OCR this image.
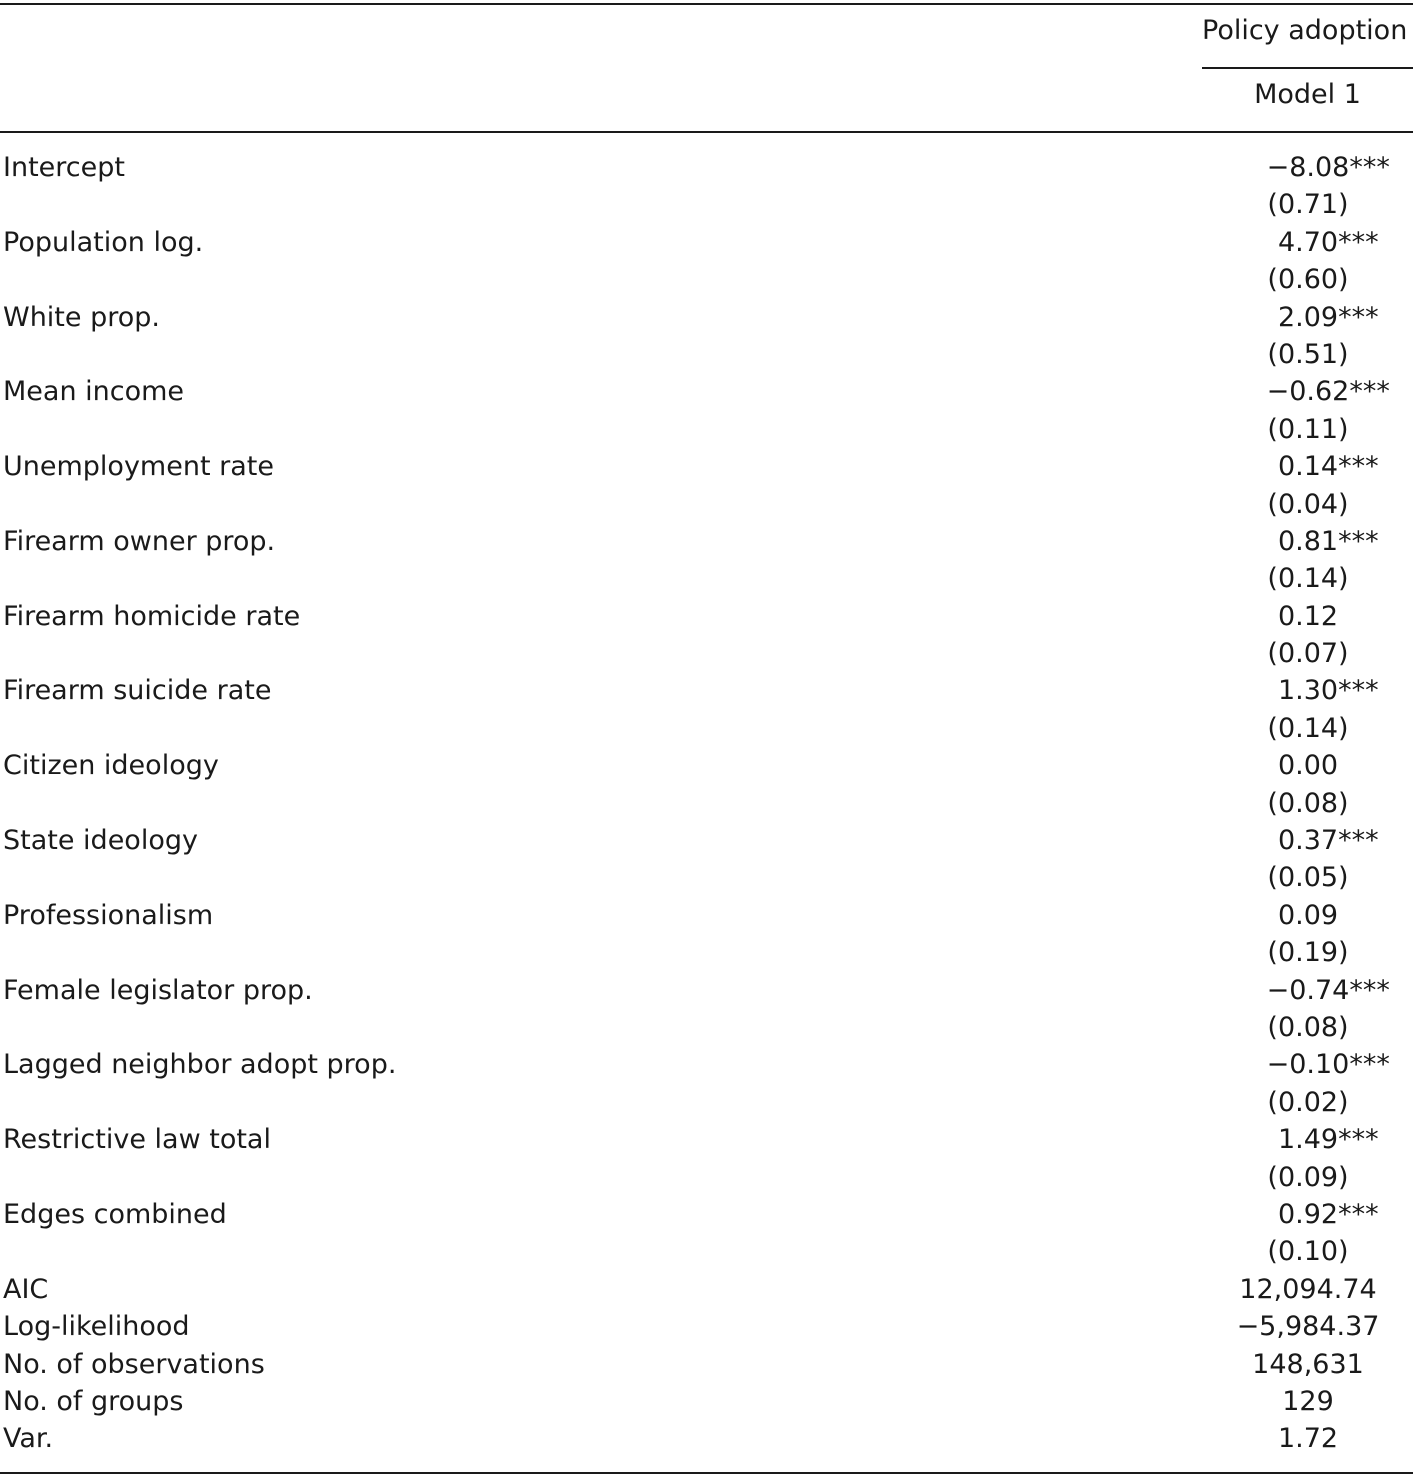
Policy adoption
Model 1
Intercept	−8.08***
(0.71)
Population log.	4.70***
(0.60)
White prop.	2.09***
(0.51)
Mean income	−0.62***
(0.11)
Unemployment rate	0.14***
(0.04)
Firearm owner prop.	0.81***
(0.14)
Firearm homicide rate	0.12
(0.07)
Firearm suicide rate	1.30***
(0.14)
Citizen ideology	0.00
(0.08)
State ideology	0.37***
(0.05)
Professionalism	0.09
(0.19)
Female legislator prop.	−0.74***
(0.08)
Lagged neighbor adopt prop.	−0.10***
(0.02)
Restrictive law total	1.49***
(0.09)
Edges combined	0.92***
(0.10)
AIC	12,094.74
Log-likelihood	−5,984.37
No. of observations	148,631
No. of groups	129
Var.	1.72
